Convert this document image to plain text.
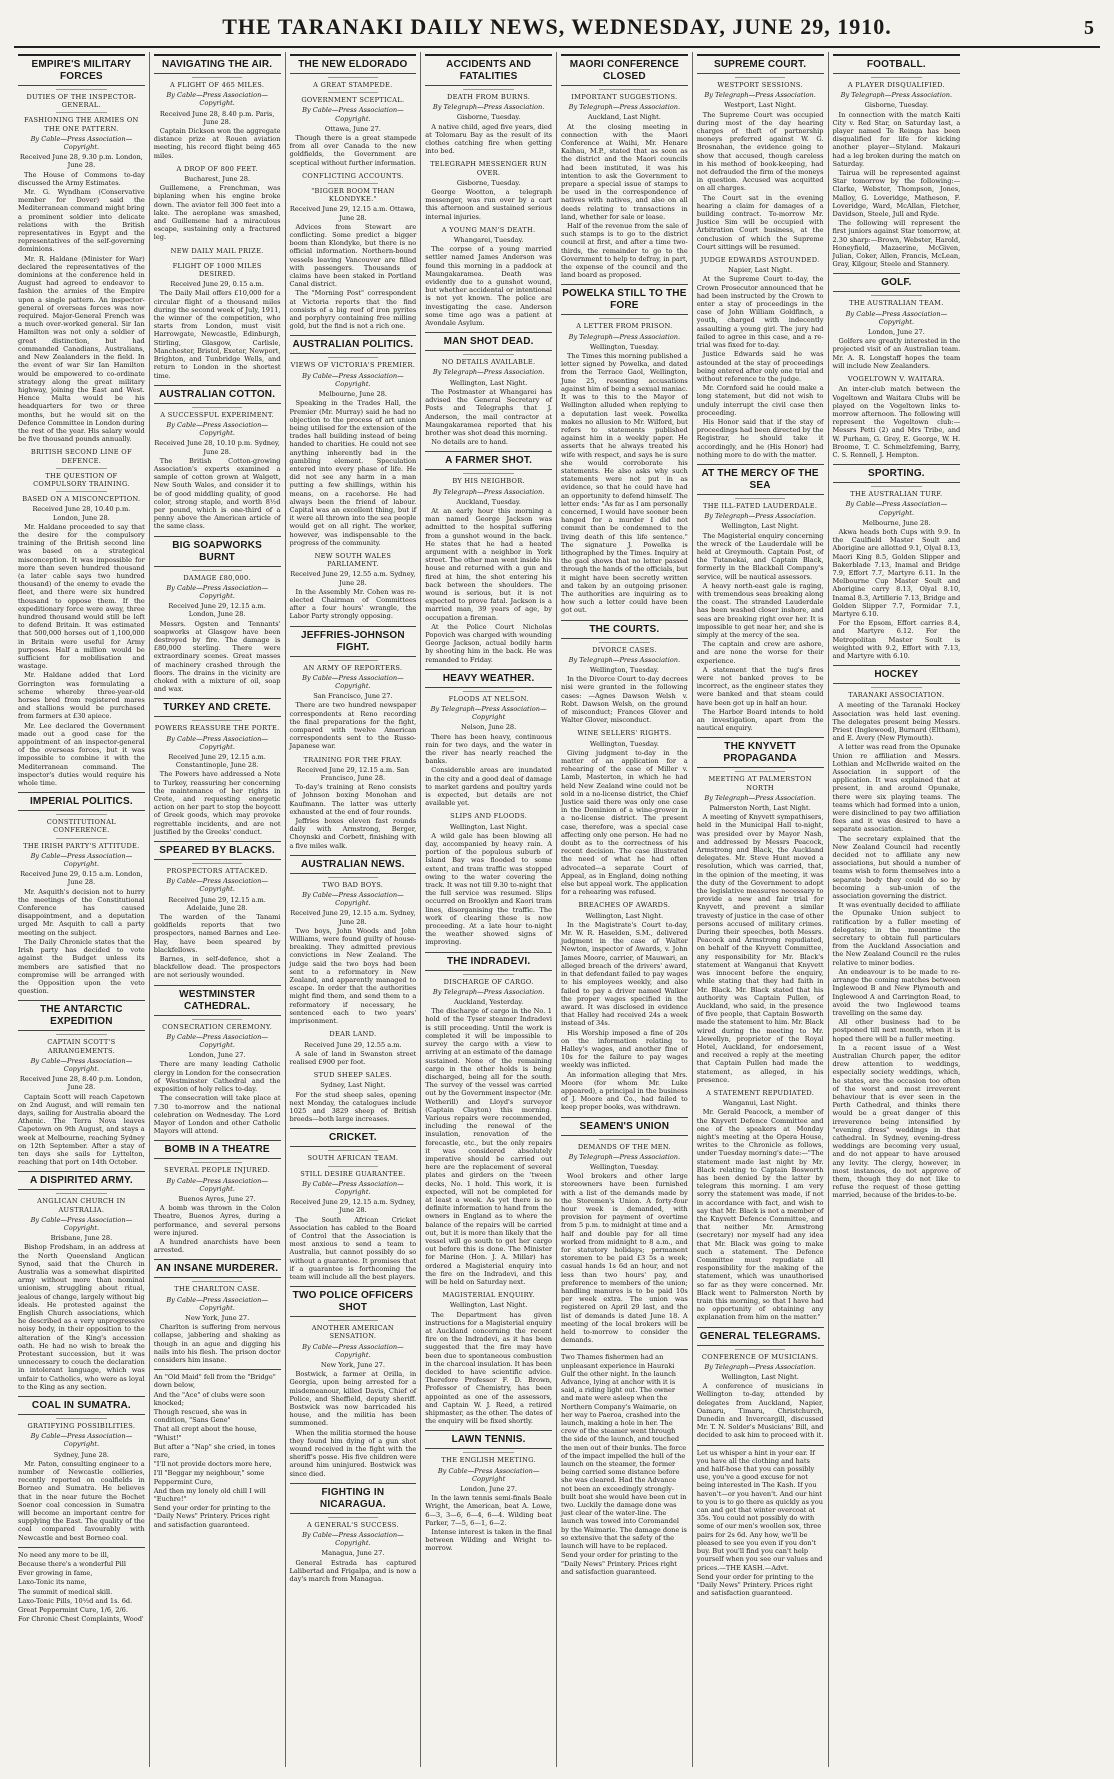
THE TARANAKI DAILY NEWS, WEDNESDAY, JUNE 29, 1910.	5
EMPIRE'S MILITARY FORCES
DUTIES OF THE INSPECTOR-GENERAL.
FASHIONING THE ARMIES ON THE ONE PATTERN.
By Cable—Press Association—Copyright.
Received June 28, 9.30 p.m. London, June 28.

The House of Commons to-day discussed the Army Estimates.

Mr. G. Wyndham (Conservative member for Dover) said the Mediterranean command might bring a prominent soldier into delicate relations with the British representatives in Egypt and the representatives of the self-governing dominions.

Mr. R. Haldane (Minister for War) declared the representatives of the dominions at the conference held in August had agreed to endeavor to fashion the armies of the Empire upon a single pattern. An inspector-general of overseas forces was now required. Major-General French was a much over-worked general. Sir Ian Hamilton was not only a soldier of great distinction, but had commanded Canadians, Australians, and New Zealanders in the field. In the event of war Sir Ian Hamilton would be empowered to co-ordinate strategy along the great military highway, joining the East and West. Hence Malta would be his headquarters for two or three months, but he would sit on the Defence Committee in London during the rest of the year. His salary would be five thousand pounds annually.

BRITISH SECOND LINE OF DEFENCE.
THE QUESTION OF COMPULSORY TRAINING.
BASED ON A MISCONCEPTION.
Received June 28, 10.40 p.m. London, June 28.

Mr. Haldane proceeded to say that the desire for the compulsory training of the British second line was based on a strategical misconception. It was impossible for more than seven hundred thousand (a later cable says two hundred thousand) of the enemy to evade the fleet, and there were six hundred thousand to oppose them. If the expeditionary force were away, three hundred thousand would still be left to defend Britain. It was estimated that 500,000 horses out of 1,100,000 in Britain were useful for Army purposes. Half a million would be sufficient for mobilisation and wastage.

Mr. Haldane added that Lord Gorrington was formulating a scheme whereby three-year-old horses bred from registered mares and stallions would be purchased from farmers at £30 apiece.

Mr. Lee declared the Government made out a good case for the appointment of an inspector-general of the overseas forces, but it was impossible to combine it with the Mediterranean command. The inspector's duties would require his whole time.

IMPERIAL POLITICS.
CONSTITUTIONAL CONFERENCE.
THE IRISH PARTY'S ATTITUDE.
By Cable—Press Association—Copyright.
Received June 29, 0.15 a.m. London, June 28.

Mr. Asquith's decision not to hurry the meetings of the Constitutional Conference has caused disappointment, and a deputation urged Mr. Asquith to call a party meeting on the subject.

The Daily Chronicle states that the Irish party has decided to vote against the Budget unless its members are satisfied that no compromise will be arranged with the Opposition upon the veto question.

THE ANTARCTIC EXPEDITION
CAPTAIN SCOTT'S ARRANGEMENTS.
By Cable—Press Association—Copyright.
Received June 28, 8.40 p.m. London, June 28.

Captain Scott will reach Capetown on 2nd August, and will remain ten days, sailing for Australia aboard the Athenic. The Terra Nova leaves Capetown on 9th August, and stays a week at Melbourne, reaching Sydney on 12th September. After a stay of ten days she sails for Lyttelton, reaching that port on 14th October.

A DISPIRITED ARMY.
ANGLICAN CHURCH IN AUSTRALIA.
By Cable—Press Association—Copyright.
Brisbane, June 28.

Bishop Frodsham, in an address at the North Queensland Anglican Synod, said that the Church in Australia was a somewhat dispirited army without more than nominal unionism, struggling about ritual, jealous of change, largely without big ideals. He protested against the English Church associations, which he described as a very unprogressive noisy body, in their opposition to the alteration of the King's accession oath. He had no wish to break the Protestant succession, but it was unnecessary to couch the declaration in intolerant language, which was unfair to Catholics, who were as loyal to the King as any section.

COAL IN SUMATRA.
GRATIFYING POSSIBILITIES.
By Cable—Press Association—Copyright.
Sydney, June 28.

Mr. Paton, consulting engineer to a number of Newcastle collieries, recently reported on coalfields in Borneo and Sumatra. He believes that in the near future the Bochet Soenor coal concession in Sumatra will become an important centre for supplying the East. The quality of the coal compared favourably with Newcastle and best Borneo coal.

No need any more to be ill,

Because there's a wonderful Pill

Ever growing in fame,

Laxo-Tonic its name,

The summit of medical skill.

Laxo-Tonic Pills, 10½d and 1s. 6d.

Great Peppermint Cure, 1/6, 2/6.

For Chronic Chest Complaints, Wood'

NAVIGATING THE AIR.
A FLIGHT OF 465 MILES.
By Cable—Press Association—Copyright.
Received June 28, 8.40 p.m. Paris, June 28.

Captain Dickson won the aggregate distance prize at Rouen aviation meeting, his record flight being 465 miles.

A DROP OF 800 FEET.
Bucharest, June 28.

Guillemene, a Frenchman, was biplaning when his engine broke down. The aviator fell 300 feet into a lake. The aeroplane was smashed, and Guillemene had a miraculous escape, sustaining only a fractured leg.

NEW DAILY MAIL PRIZE.
FLIGHT OF 1000 MILES DESIRED.
Received June 29, 0.15 a.m.

The Daily Mail offers £10,000 for a circular flight of a thousand miles during the second week of July, 1911, the winner of the competition, who starts from London, must visit Harrowgate, Newcastle, Edinburgh, Stirling, Glasgow, Carlisle, Manchester, Bristol, Exeter, Newport, Brighton, and Tunbridge Wells, and return to London in the shortest time.

AUSTRALIAN COTTON.
A SUCCESSFUL EXPERIMENT.
By Cable—Press Association—Copyright.
Received June 28, 10.10 p.m. Sydney, June 28.

The British Cotton-growing Association's experts examined a sample of cotton grown at Walgett, New South Wales, and consider it to be of good middling quality, of good color, strong staple, and worth 8½d per pound, which is one-third of a penny above the American article of the same class.

BIG SOAPWORKS BURNT
DAMAGE £80,000.
By Cable—Press Association—Copyright.
Received June 29, 12.15 a.m. London, June 28.

Messrs. Ogsten and Tennants' soapworks at Glasgow have been destroyed by fire. The damage is £80,000 sterling. There were extraordinary scenes. Great masses of machinery crashed through the floors. The drains in the vicinity are choked with a mixture of oil, soap and wax.

TURKEY AND CRETE.
POWERS REASSURE THE PORTE.
By Cable—Press Association—Copyright.
Received June 29, 12.15 a.m. Constantinople, June 28.

The Powers have addressed a Note to Turkey, reassuring her concerning the maintenance of her rights in Crete, and requesting energetic action on her part to stop the boycott of Greek goods, which may provoke regrettable incidents, and are not justified by the Greeks' conduct.

SPEARED BY BLACKS.
PROSPECTORS ATTACKED.
By Cable—Press Association—Copyright.
Received June 29, 12.15 a.m. Adelaide, June 28.

The warden of the Tanami goldfields reports that two prospectors, named Barnes and Lee-Hay, have been speared by blackfellows.

Barnes, in self-defence, shot a blackfellow dead. The prospectors are not seriously wounded.

WESTMINSTER CATHEDRAL.
CONSECRATION CEREMONY.
By Cable—Press Association—Copyright.
London, June 27.

There are many leading Catholic clergy in London for the consecration of Westminster Cathedral and the exposition of holy relics to-day.

The consecration will take place at 7.30 to-morrow and the national celebration on Wednesday. The Lord Mayor of London and other Catholic Mayors will attend.

BOMB IN A THEATRE
SEVERAL PEOPLE INJURED.
By Cable—Press Association—Copyright.
Buenos Ayres, June 27.

A bomb was thrown in the Colon Theatre, Buenos Ayres, during a performance, and several persons were injured.

A hundred anarchists have been arrested.

AN INSANE MURDERER.
THE CHARLTON CASE.
By Cable—Press Association—Copyright.
New York, June 27.

Charlton is suffering from nervous collapse, jabbering and shaking as though in an ague and digging his nails into his flesh. The prison doctor considers him insane.

An "Old Maid" fell from the "Bridge" down below,

And the "Ace" of clubs were soon knocked;

Though rescued, she was in condition, "Sans Gene"

That all crept about the house, "Whist!"

But after a "Nap" she cried, in tones rare,

"I'll not provide doctors more here,

I'll "Beggar my neighbour," some Peppermint Cure,

And then my lonely old chill I will "Euchre!"

Send your order for printing to the "Daily News" Printery. Prices right and satisfaction guaranteed.

THE NEW ELDORADO
A GREAT STAMPEDE.
GOVERNMENT SCEPTICAL.
By Cable—Press Association—Copyright.
Ottawa, June 27.

Though there is a great stampede from all over Canada to the new goldfields, the Government are sceptical without further information.

CONFLICTING ACCOUNTS.
"BIGGER BOOM THAN KLONDYKE."
Received June 29, 12.15 a.m. Ottawa, June 28.

Advices from Stewart are conflicting. Some predict a bigger boom than Klondyke, but there is no official information. Northern-bound vessels leaving Vancouver are filled with passengers. Thousands of claims have been staked in Portland Canal district.

The "Morning Post" correspondent at Victoria reports that the find consists of a big reef of iron pyrites and porphyry containing free milling gold, but the find is not a rich one.

AUSTRALIAN POLITICS.
VIEWS OF VICTORIA'S PREMIER.
By Cable—Press Association—Copyright.
Melbourne, June 28.

Speaking in the Trades Hall, the Premier (Mr. Murray) said he had no objection to the process of art union being utilised for the extension of the trades hall building instead of being handed to charities. He could not see anything inherently bad in the gambling element. Speculation entered into every phase of life. He did not see any harm in a man putting a few shillings, within his means, on a racehorse. He had always been the friend of labour. Capital was an excellent thing, but if it were all thrown into the sea people would get on all right. The worker, however, was indispensable to the progress of the community.

NEW SOUTH WALES PARLIAMENT.
Received June 29, 12.55 a.m. Sydney, June 28.

In the Assembly Mr. Cohen was re-elected Chairman of Committees after a four hours' wrangle, the Labor Party strongly opposing.

JEFFRIES-JOHNSON FIGHT.
AN ARMY OF REPORTERS.
By Cable—Press Association—Copyright.
San Francisco, June 27.

There are two hundred newspaper correspondents at Reno recording the final preparations for the fight, compared with twelve American correspondents sent to the Russo-Japanese war.

TRAINING FOR THE FRAY.
Received June 29, 12.15 a.m. San Francisco, June 28.

To-day's training at Reno consists of Johnson boxing Monohan and Kaufmann. The latter was utterly exhausted at the end of four rounds.

Jeffries boxes eleven fast rounds daily with Armstrong, Berger, Choynski and Corbett, finishing with a five miles walk.

AUSTRALIAN NEWS.
TWO BAD BOYS.
By Cable—Press Association—Copyright.
Received June 29, 12.15 a.m. Sydney, June 28.

Two boys, John Woods and John Williams, were found guilty of house-breaking. They admitted previous convictions in New Zealand. The judge said the two boys had been sent to a reformatory in New Zealand, and apparently managed to escape. In order that the authorities might find them, and send them to a reformatory if necessary, he sentenced each to two years' imprisonment.

DEAR LAND.
Received June 29, 12.55 a.m.

A sale of land in Swanston street realised £900 per foot.

STUD SHEEP SALES.
Sydney, Last Night.

For the stud sheep sales, opening next Monday, the catalogues include 1025 and 3829 sheep of British breeds—both large increases.

CRICKET.
SOUTH AFRICAN TEAM.
STILL DESIRE GUARANTEE.
By Cable—Press Association—Copyright.
Received June 29, 12.15 a.m. Sydney, June 28.

The South African Cricket Association has cabled to the Board of Control that the Association is most anxious to send a team to Australia, but cannot possibly do so without a guarantee. It promises that if a guarantee is forthcoming the team will include all the best players.

TWO POLICE OFFICERS SHOT
ANOTHER AMERICAN SENSATION.
By Cable—Press Association—Copyright.
New York, June 27.

Bostwick, a farmer at Orilla, in Georgia, upon being arrested for a misdemeanour, killed Davis, Chief of Police, and Sheffield, deputy sheriff. Bostwick was now barricaded his house, and the militia has been summoned.

When the militia stormed the house they found him dying of a gun shot wound received in the fight with the sheriff's posse. His five children were around him uninjured. Bostwick was since died.

FIGHTING IN NICARAGUA.
A GENERAL'S SUCCESS.
By Cable—Press Association—Copyright.
Managua, June 27.

General Estrada has captured Lalibertad and Frigalpa, and is now a day's march from Managua.

ACCIDENTS AND FATALITIES
DEATH FROM BURNS.
By Telegraph—Press Association.
Gisborne, Tuesday.

A native child, aged five years, died at Tolomaru Bay as the result of its clothes catching fire when getting into bed.

TELEGRAPH MESSENGER RUN OVER.
Gisborne, Tuesday.

George Wootton, a telegraph messenger, was run over by a cart this afternoon and sustained serious internal injuries.

A YOUNG MAN'S DEATH.
Whangarei, Tuesday.

The corpse of a young married settler named James Anderson was found this morning in a paddock at Maungakaramea. Death was evidently due to a gunshot wound, but whether accidental or intentional is not yet known. The police are investigating the case. Anderson some time ago was a patient at Avondale Asylum.

MAN SHOT DEAD.
NO DETAILS AVAILABLE.
By Telegraph—Press Association.
Wellington, Last Night.

The Postmaster at Whangarei has advised the General Secretary of Posts and Telegraphs that J. Anderson, the mail contractor at Maungakaramea reported that his brother was shot dead this morning.

No details are to hand.

A FARMER SHOT.
BY HIS NEIGHBOR.
By Telegraph—Press Association.
Auckland, Tuesday.

At an early hour this morning a man named George Jackson was admitted to the hospital suffering from a gunshot wound in the back. He states that he had a heated argument with a neighbor in York street. The other man went inside his house and returned with a gun and fired at him, the shot entering his back between the shoulders. The wound is serious, but it is not expected to prove fatal. Jackson is a married man, 39 years of age, by occupation a fireman.

At the Police Court Nicholas Popovich was charged with wounding George Jackson, actual bodily harm by shooting him in the back. He was remanded to Friday.

HEAVY WEATHER.
FLOODS AT NELSON.
By Telegraph—Press Association—Copyright
Nelson, June 28.

There has been heavy, continuous rain for two days, and the water in the river has nearly reached the banks.

Considerable areas are inundated in the city and a good deal of damage to market gardens and poultry yards is expected, but details are not available yet.

SLIPS AND FLOODS.
Wellington, Last Night.

A wild gale has been blowing all day, accompanied by heavy rain. A portion of the populous suburb of Island Bay was flooded to some extent, and tram traffic was stopped owing to the water covering the track. It was not till 9.30 to-night that the full service was resumed. Slips occurred on Brooklyn and Kaori tram lines, disorganising the traffic. The work of clearing these is now proceeding. At a late hour to-night the weather showed signs of improving.

THE INDRADEVI.
DISCHARGE OF CARGO.
By Telegraph—Press Association.
Auckland, Yesterday.

The discharge of cargo in the No. 1 hold of the Tyser steamer Indradevi is still proceeding. Until the work is completed it will be impossible to survey the cargo with a view to arriving at an estimate of the damage sustained. None of the remaining cargo in the other holds is being discharged, being all for the south. The survey of the vessel was carried out by the Government inspector (Mr. Wetherill) and Lloyd's surveyor (Captain Clayton) this morning. Various repairs were recommended, including the renewal of the insulation, renovation of the forecastle, etc., but the only repairs it was considered absolutely imperative should be carried out here are the replacement of several plates and girders on the 'tween decks, No. 1 hold. This work, it is expected, will not be completed for at least a week. As yet there is no definite information to hand from the owners in England as to where the balance of the repairs will be carried out, but it is more than likely that the vessel will go south to get her cargo out before this is done. The Minister for Marine (Hon. J. A. Millar) has ordered a Magisterial enquiry into the fire on the Indradevi, and this will be held on Saturday next.

MAGISTERIAL ENQUIRY.
Wellington, Last Night.

The Department has given instructions for a Magisterial enquiry at Auckland concerning the recent fire on the Indradevi, as it has been suggested that the fire may have been due to spontaneous combustion in the charcoal insulation. It has been decided to have scientific advice. Therefore Professor F. D. Brown, Professor of Chemistry, has been appointed as one of the assessors, and Captain W. J. Reed, a retired shipmaster, as the other. The dates of the enquiry will be fixed shortly.

LAWN TENNIS.
THE ENGLISH MEETING.
By Cable—Press Association—Copyright
London, June 27.

In the lawn tennis semi-finals Beale Wright, the American, beat A. Lowe, 6—3, 3—6, 6—4, 6—4. Wilding beat Parker, 7—5, 6—1, 6—2.

Intense interest is taken in the final between Wilding and Wright to-morrow.

MAORI CONFERENCE CLOSED
IMPORTANT SUGGESTIONS.
By Telegraph—Press Association.
Auckland, Last Night.

At the closing meeting in connection with the Maori Conference at Waihi, Mr. Henare Kaihau, M.P., stated that as soon as the district and the Maori councils had been instituted, it was his intention to ask the Government to prepare a special issue of stamps to be used in the correspondence of natives with natives, and also on all deeds relating to transactions in land, whether for sale or lease.

Half of the revenue from the sale of such stamps is to go to the district council at first, and after a time two-thirds, the remainder to go to the Government to help to defray, in part, the expense of the council and the land board as proposed.

POWELKA STILL TO THE FORE
A LETTER FROM PRISON.
By Telegraph—Press Association.
Wellington, Tuesday.

The Times this morning published a letter signed by Powelka, and dated from the Terrace Gaol, Wellington, June 25, resenting accusations against him of being a sexual maniac. It was to this to the Mayor of Wellington alluded when replying to a deputation last week. Powelka makes no allusion to Mr. Wilford, but refers to statements published against him in a weekly paper. He asserts that he always treated his wife with respect, and says he is sure she would corroborate his statements. He also asks why such statements were not put in as evidence, so that he could have had an opportunity to defend himself. The letter ends: "As far as I am personally concerned, I would have sooner been hanged for a murder I did not commit than be condemned to the living death of this life sentence." The signature J. Powelka is lithographed by the Times. Inquiry at the gaol shows that no letter passed through the hands of the officials, but it might have been secretly written and taken by an outgoing prisoner. The authorities are inquiring as to how such a letter could have been got out.

THE COURTS.
DIVORCE CASES.
By Telegraph—Press Association.
Wellington, Tuesday.

In the Divorce Court to-day decrees nisi were granted in the following cases: —Agnes Dawson Welsh v. Robt. Dawson Welsh, on the ground of misconduct; Frances Glover and Walter Glover, misconduct.

WINE SELLERS' RIGHTS.
Wellington, Tuesday.

Giving judgment to-day in the matter of an application for a rehearing of the case of Miller v. Lamb, Masterton, in which he had held New Zealand wine could not be sold in a no-license district, the Chief Justice said there was only one case in the Dominion of a wine-grower in a no-license district. The present case, therefore, was a special case affecting only one person. He had no doubt as to the correctness of his recent decision. The case illustrated the need of what he had often advocated—a separate Court of Appeal, as in England, doing nothing else but appeal work. The application for a rehearing was refused.

BREACHES OF AWARDS.
Wellington, Last Night.

In the Magistrate's Court to-day, Mr. W. R. Haselden, S.M., delivered judgment in the case of Walter Newton, inspector of Awards, v. John James Moore, carrier, of Mauwari, an alleged breach of the drivers' award, in that defendant failed to pay wages to his employees weekly, and also failed to pay a driver named Walker the proper wages specified in the award. It was disclosed in evidence that Halley had received 24s a week instead of 34s.

His Worship imposed a fine of 20s on the information relating to Halley's wages, and another fine of 10s for the failure to pay wages weekly was inflicted.

An information alleging that Mrs. Moore (for whom Mr. Luke appeared), a principal in the business of J. Moore and Co., had failed to keep proper books, was withdrawn.

SEAMEN'S UNION
DEMANDS OF THE MEN.
By Telegraph—Press Association.
Wellington, Tuesday.

Wool brokers and other large storeowners have been furnished with a list of the demands made by the Storemen's Union. A forty-four hour week is demanded, with provision for payment of overtime from 5 p.m. to midnight at time and a half and double pay for all time worked from midnight to 8 a.m., and for statutory holidays; permanent storemen to be paid £3 5s a week; casual hands 1s 6d an hour, and not less than two hours' pay, and preference to members of the union; handling manures is to be paid 10s per week extra. The union was registered on April 29 last, and the list of demands is dated June 18. A meeting of the local brokers will be held to-morrow to consider the demands.

Two Thames fishermen had an unpleasant experience in Hauraki Gulf the other night. In the launch Advance, lying at anchor with it is said, a riding light out. The owner and mate were asleep when the Northern Company's Waimarie, on her way to Paeroa, crashed into the launch, making a hole in her. The crew of the steamer went through the side of the launch, and touched the men out of their bunks. The force of the impact impelled the hull of the launch on the steamer, the former being carried some distance before she was cleared. Had the Advance not been an exceedingly strongly-built boat she would have been cut in two. Luckily the damage done was just clear of the water-line. The launch was towed into Coromandel by the Waimarie. The damage done is so extensive that the safety of the launch will have to be replaced.

Send your order for printing to the "Daily News" Printery. Prices right and satisfaction guaranteed.

SUPREME COURT.
WESTPORT SESSIONS.
By Telegraph—Press Association.
Westport, Last Night.

The Supreme Court was occupied during most of the day hearing charges of theft of partnership moneys preferred against W. G. Brosnahan, the evidence going to show that accused, though careless in his method of book-keeping, had not defrauded the firm of the moneys in question. Accused was acquitted on all charges.

The Court sat in the evening hearing a claim for damages of a building contract. To-morrow Mr. Justice Sim will be occupied with Arbitration Court business, at the conclusion of which the Supreme Court sittings will be resumed.

JUDGE EDWARDS ASTOUNDED.
Napier, Last Night.

At the Supreme Court to-day, the Crown Prosecutor announced that he had been instructed by the Crown to enter a stay of proceedings in the case of John William Goldfinch, a youth, charged with indecently assaulting a young girl. The jury had failed to agree in this case, and a re-trial was fixed for to-day.

Justice Edwards said he was astounded at the stay of proceedings being entered after only one trial and without reference to the judge.

Mr. Cornford said he could make a long statement, but did not wish to unduly interrupt the civil case then proceeding.

His Honor said that if the stay of proceedings had been directed by the Registrar, he should take it accordingly, and he (His Honor) had nothing more to do with the matter.

AT THE MERCY OF THE SEA
THE ILL-FATED LAUDERDALE.
By Telegraph—Press Association.
Wellington, Last Night.

The Magisterial enquiry concerning the wreck of the Lauderdale will be held at Greymouth. Captain Post, of the Tutanekai, and Captain Black, formerly in the Blackball Company's service, will be nautical assessors.

A heavy north-east gale is raging, with tremendous seas breaking along the coast. The stranded Lauderdale has been washed closer inshore, and seas are breaking right over her. It is impossible to get near her, and she is simply at the mercy of the sea.

The captain and crew are ashore, and are none the worse for their experience.

A statement that the tug's fires were not banked proves to be incorrect, as the engineer states they were banked and that steam could have been got up in half an hour.

The Harbor Board intends to hold an investigation, apart from the nautical enquiry.

THE KNYVETT PROPAGANDA
MEETING AT PALMERSTON NORTH
By Telegraph—Press Association.
Palmerston North, Last Night.

A meeting of Knyvett sympathisers, held in the Municipal Hall to-night, was presided over by Mayor Nash, and addressed by Messrs Peacock, Armstrong and Black, the Auckland delegates. Mr. Steve Hunt moved a resolution, which was carried, that, in the opinion of the meeting, it was the duty of the Government to adopt the legislative measures necessary to provide a new and fair trial for Knyvett, and prevent a similar travesty of justice in the case of other persons accused of military crimes. During their speeches, both Messrs. Peacock and Armstrong repudiated, on behalf of the Knyvett Committee, any responsibility for Mr. Black's statement at Wanganui that Knyvett was innocent before the enquiry, while stating that they had faith in Mr. Black. Mr. Black stated that his authority was Captain Pullen, of Auckland, who said, in the presence of five people, that Captain Bosworth made the statement to him. Mr. Black wired during the meeting to Mr. Llewellyn, proprietor of the Royal Hotel, Auckland, for endorsement, and received a reply at the meeting that Captain Pullen had made the statement, as alleged, in his presence.

A STATEMENT REPUDIATED.
Wanganui, Last Night.

Mr. Gerald Peacock, a member of the Knyvett Defence Committee and one of the speakers at Monday night's meeting at the Opera House, writes to the Chronicle as follows, under Tuesday morning's date:—"The statement made last night by Mr. Black relating to Captain Bosworth has been denied by the latter by telegram this morning. I am very sorry the statement was made, if not in accordance with fact, and wish to say that Mr. Black is not a member of the Knyvett Defence Committee, and that neither Mr. Armstrong (secretary) nor myself had any idea that Mr. Black was going to make such a statement. The Defence Committee must repudiate all responsibility for the making of the statement, which was unauthorised so far as they were concerned. Mr. Black went to Palmerston North by train this morning, so that I have had no opportunity of obtaining any explanation from him on the matter."

GENERAL TELEGRAMS.
CONFERENCE OF MUSICIANS.
By Telegraph—Press Association.
Wellington, Last Night.

A conference of musicians in Wellington to-day, attended by delegates from Auckland, Napier, Oamaru, Timaru, Christchurch, Dunedin and Invercargill, discussed Mr. T. N. Solder's Musicians' Bill, and decided to ask him to proceed with it.

Let us whisper a hint in your ear. If you have all the clothing and hats and half-hose that you can possibly use, you've a good excuse for not being interested in The Kash. If you haven't—or you haven't. And our hint to you is to go there as quickly as you can and get that winter overcoat at 35s. You could not possibly do with some of our men's woollen sox, three pairs for 2s 6d. Any how, we'll be pleased to see you even if you don't buy. But you'll find you can't help yourself when you see our values and prices.—THE KASH.—Advt.

Send your order for printing to the "Daily News" Printery. Prices right and satisfaction guaranteed.

FOOTBALL.
A PLAYER DISQUALIFIED.
By Telegraph—Press Association.
Gisborne, Tuesday.

In connection with the match Kaiti City v. Red Star, on Saturday last, a player named Te Reinga has been disqualified for life for kicking another player—Styland. Makauri had a leg broken during the match on Saturday.

Tairua will be represented against Star tomorrow by the following:—Clarke, Webster, Thompson, Jones, Malloy, G. Loveridge, Matheson, F. Loveridge, Ward, McAllan, Fletcher, Davidson, Steele, Jull and Ryde.

The following will represent the first juniors against Star tomorrow, at 2.30 sharp:—Brown, Webster, Harold, Honeyfield, Mazaerine, McGiven, Julian, Coker, Allen, Francis, McLean, Gray, Kilgour, Steele and Stannery.

GOLF.
THE AUSTRALIAN TEAM.
By Cable—Press Association—Copyright.
London, June 27.

Golfers are greatly interested in the projected visit of an Australian team. Mr. A. R. Longstaff hopes the team will include New Zealanders.

VOGELTOWN V. WAITARA.

An inter-club match between the Vogeltown and Waitara Clubs will be played on the Vogeltown links to-morrow afternoon. The following will represent the Vogeltown club:—Messrs Petti (2) and Mrs Tribe, and W. Purham, G. Grey, E. George, W. H. Broome, T. C. Schmelzfeming, Barry, C. S. Rennell, J. Hempton.

SPORTING.
THE AUSTRALIAN TURF.
By Cable—Press Association—Copyright.
Melbourne, June 28.

Akwa heads both Cups with 9.9. In the Caulfield Master Soult and Aborigine are allotted 9.1, Olyal 8.13, Maori King 8.5, Golden Slipper and Bakerblade 7.13, Inamal and Bridge 7.9, Effort 7.7, Martyre 6.11. In the Melbourne Cup Master Soult and Aborigine carry 8.13, Olyal 8.10, Inamal 8.3, Artillerie 7.13, Bridge and Golden Slipper 7.7, Formidar 7.1, Martyre 6.10.

For the Epsom, Effort carries 8.4, and Martyre 6.12. For the Metropolitan Master Soult is weighted with 9.2, Effort with 7.13, and Martyre with 6.10.

HOCKEY
TARANAKI ASSOCIATION.

A meeting of the Taranaki Hockey Association was held last evening. The delegates present being Messrs. Priest (Inglewood), Burnard (Eltham), and E. Avery (New Plymouth).

A letter was read from the Opunake Union re affiliation and Messrs. Lothian and McIlwride waited on the Association in support of the application. It was explained that at present, in and around Opunake, there were six playing teams. The teams which had formed into a union, were disinclined to pay two affiliation fees and it was desired to have a separate association.

The secretary explained that the New Zealand Council had recently decided not to affiliate any new associations, but should a number of teams wish to form themselves into a separate body they could do so by becoming a sub-union of the association governing the district.

It was eventually decided to affiliate the Opunake Union subject to ratification by a fuller meeting of delegates; in the meantime the secretary to obtain full particulars from the Auckland Association and the New Zealand Council re the rules relative to minor bodies.

An endeavour is to be made to re-arrange the coming matches between Inglewood B and New Plymouth and Inglewood A and Carrington Road, to avoid the two Inglewood teams travelling on the same day.

All other business had to be postponed till next month, when it is hoped there will be a fuller meeting.

In a recent issue of a West Australian Church paper, the editor drew attention to weddings, especially society weddings, which, he states, are the occasion too often of the worst and most irreverent behaviour that is ever seen in the Perth Cathedral, and thinks there would be a great danger of this irreverence being intensified by "evening dress" weddings in that cathedral. In Sydney, evening-dress weddings are becoming very usual, and do not appear to have aroused any levity. The clergy, however, in most instances, do not approve of them, though they do not like to refuse the request of those getting married, because of the brides-to-be.
